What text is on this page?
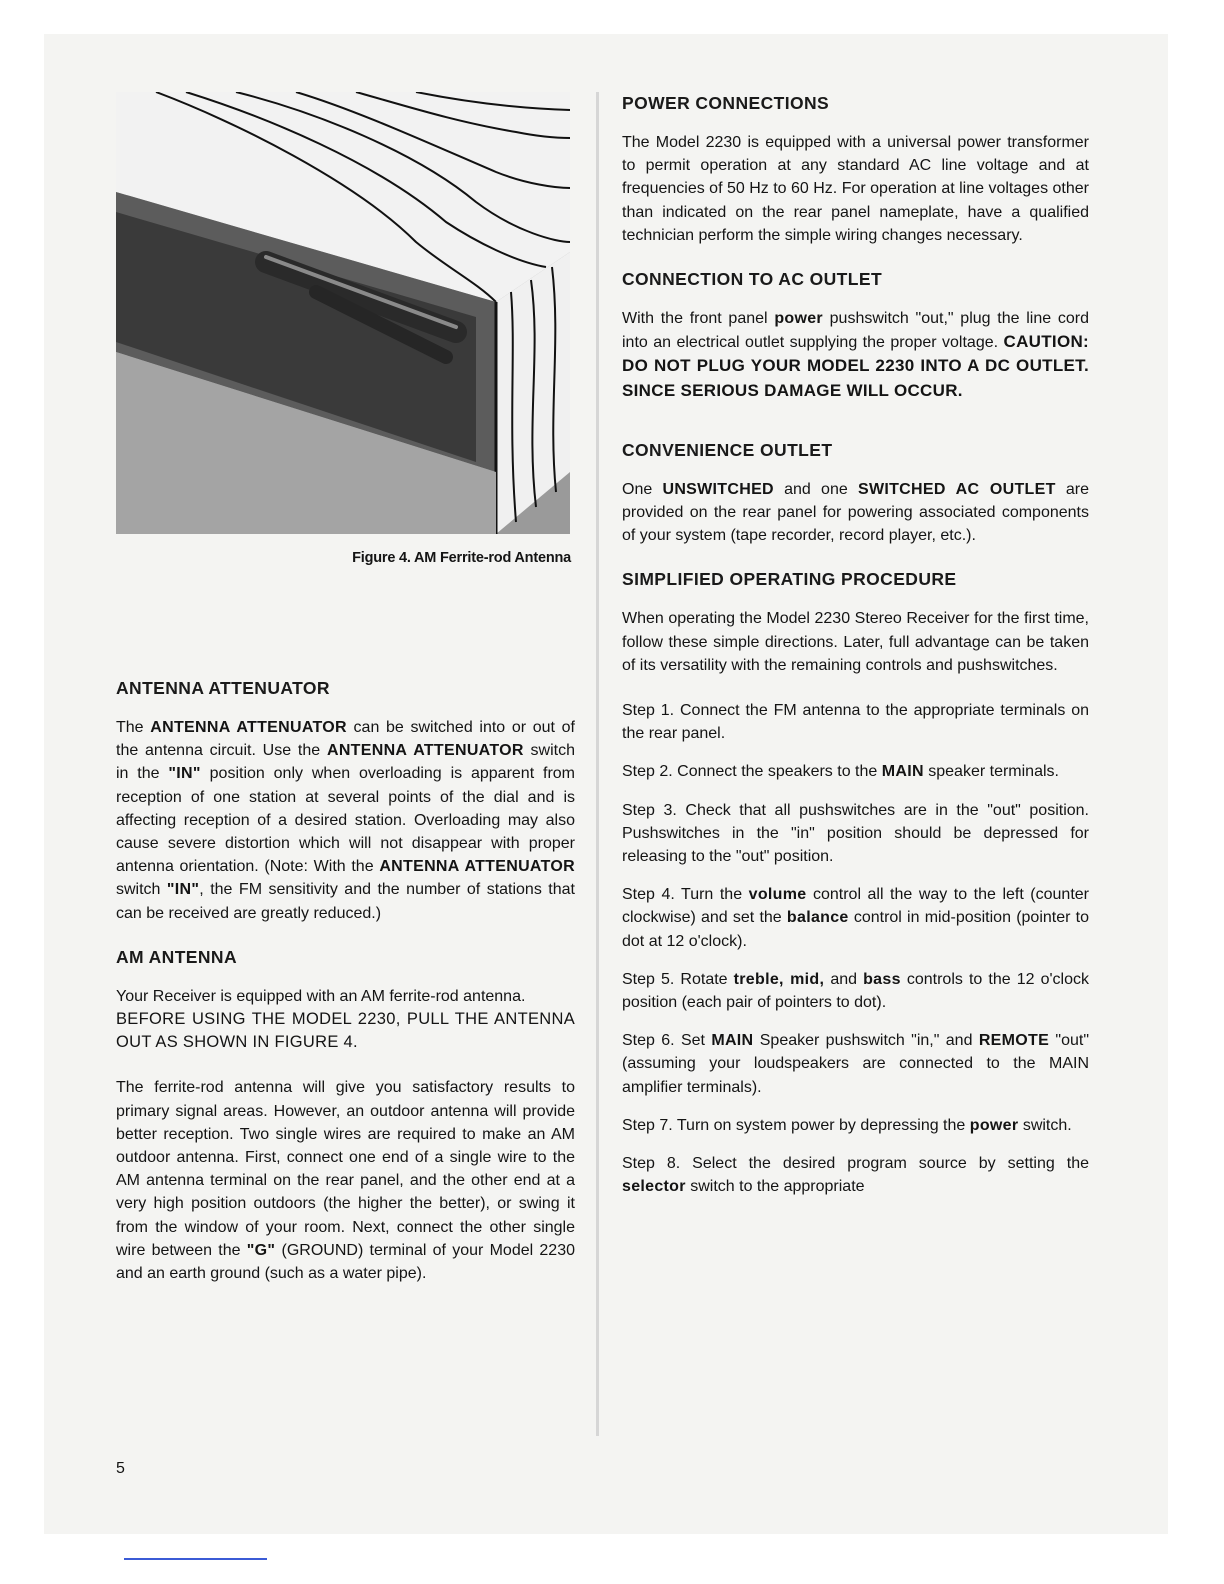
Figure 4. AM Ferrite-rod Antenna
ANTENNA ATTENUATOR

The ANTENNA ATTENUATOR can be switched into or out of the antenna circuit. Use the ANTENNA ATTENUATOR switch in the "IN" position only when overloading is apparent from reception of one station at several points of the dial and is affecting reception of a desired station. Overloading may also cause severe distortion which will not disappear with proper antenna orientation. (Note: With the ANTENNA ATTENUATOR switch "IN", the FM sensitivity and the number of stations that can be received are greatly reduced.)

AM ANTENNA

Your Receiver is equipped with an AM ferrite-rod antenna.

BEFORE USING THE MODEL 2230, PULL THE ANTENNA OUT AS SHOWN IN FIGURE 4.

The ferrite-rod antenna will give you satisfactory results to primary signal areas. However, an outdoor antenna will provide better reception. Two single wires are required to make an AM outdoor antenna. First, connect one end of a single wire to the AM antenna terminal on the rear panel, and the other end at a very high position outdoors (the higher the better), or swing it from the window of your room. Next, connect the other single wire between the "G" (GROUND) terminal of your Model 2230 and an earth ground (such as a water pipe).

POWER CONNECTIONS

The Model 2230 is equipped with a universal power transformer to permit operation at any standard AC line voltage and at frequencies of 50 Hz to 60 Hz. For operation at line voltages other than indicated on the rear panel nameplate, have a qualified technician perform the simple wiring changes necessary.

CONNECTION TO AC OUTLET

With the front panel power pushswitch "out," plug the line cord into an electrical outlet supplying the proper voltage. CAUTION: DO NOT PLUG YOUR MODEL 2230 INTO A DC OUTLET. SINCE SERIOUS DAMAGE WILL OCCUR.

CONVENIENCE OUTLET

One UNSWITCHED and one SWITCHED AC OUTLET are provided on the rear panel for powering associated components of your system (tape recorder, record player, etc.).

SIMPLIFIED OPERATING PROCEDURE

When operating the Model 2230 Stereo Receiver for the first time, follow these simple directions. Later, full advantage can be taken of its versatility with the remaining controls and pushswitches.

Step 1. Connect the FM antenna to the appropriate terminals on the rear panel.

Step 2. Connect the speakers to the MAIN speaker terminals.

Step 3. Check that all pushswitches are in the "out" position. Pushswitches in the "in" position should be depressed for releasing to the "out" position.

Step 4. Turn the volume control all the way to the left (counter clockwise) and set the balance control in mid-position (pointer to dot at 12 o'clock).

Step 5. Rotate treble, mid, and bass controls to the 12 o'clock position (each pair of pointers to dot).

Step 6. Set MAIN Speaker pushswitch "in," and REMOTE "out" (assuming your loudspeakers are connected to the MAIN amplifier terminals).

Step 7. Turn on system power by depressing the power switch.

Step 8. Select the desired program source by setting the selector switch to the appropriate

5
